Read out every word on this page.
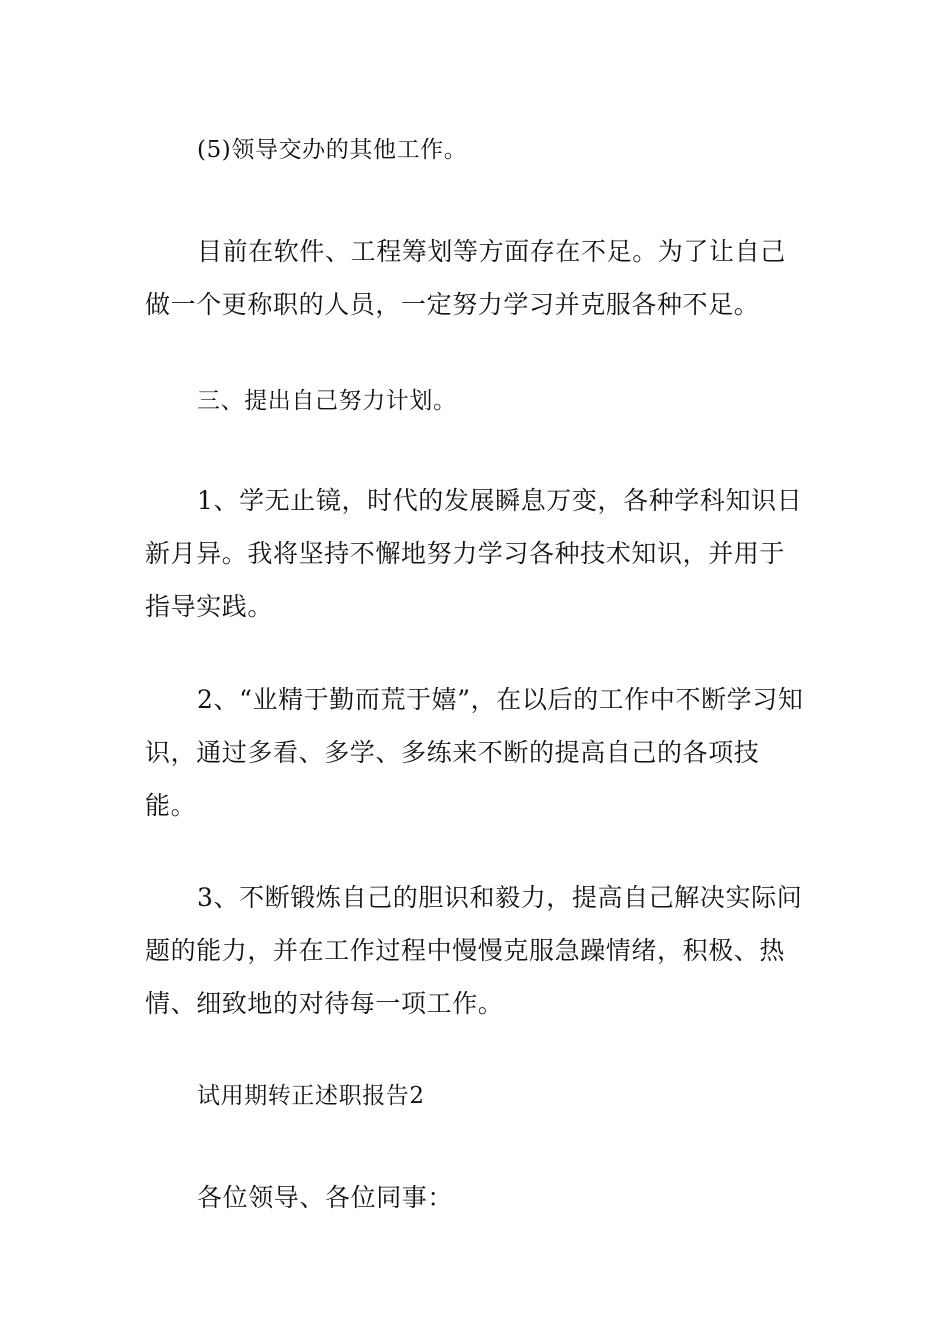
(5)领导交办的其他工作。

目前在软件、工程筹划等方面存在不足。为了让自己做一个更称职的人员，一定努力学习并克服各种不足。

三、提出自己努力计划。

1、学无止镜，时代的发展瞬息万变，各种学科知识日新月异。我将坚持不懈地努力学习各种技术知识，并用于指导实践。

2、“业精于勤而荒于嬉”，在以后的工作中不断学习知识，通过多看、多学、多练来不断的提高自己的各项技能。

3、不断锻炼自己的胆识和毅力，提高自己解决实际问题的能力，并在工作过程中慢慢克服急躁情绪，积极、热情、细致地的对待每一项工作。

试用期转正述职报告2

各位领导、各位同事：
